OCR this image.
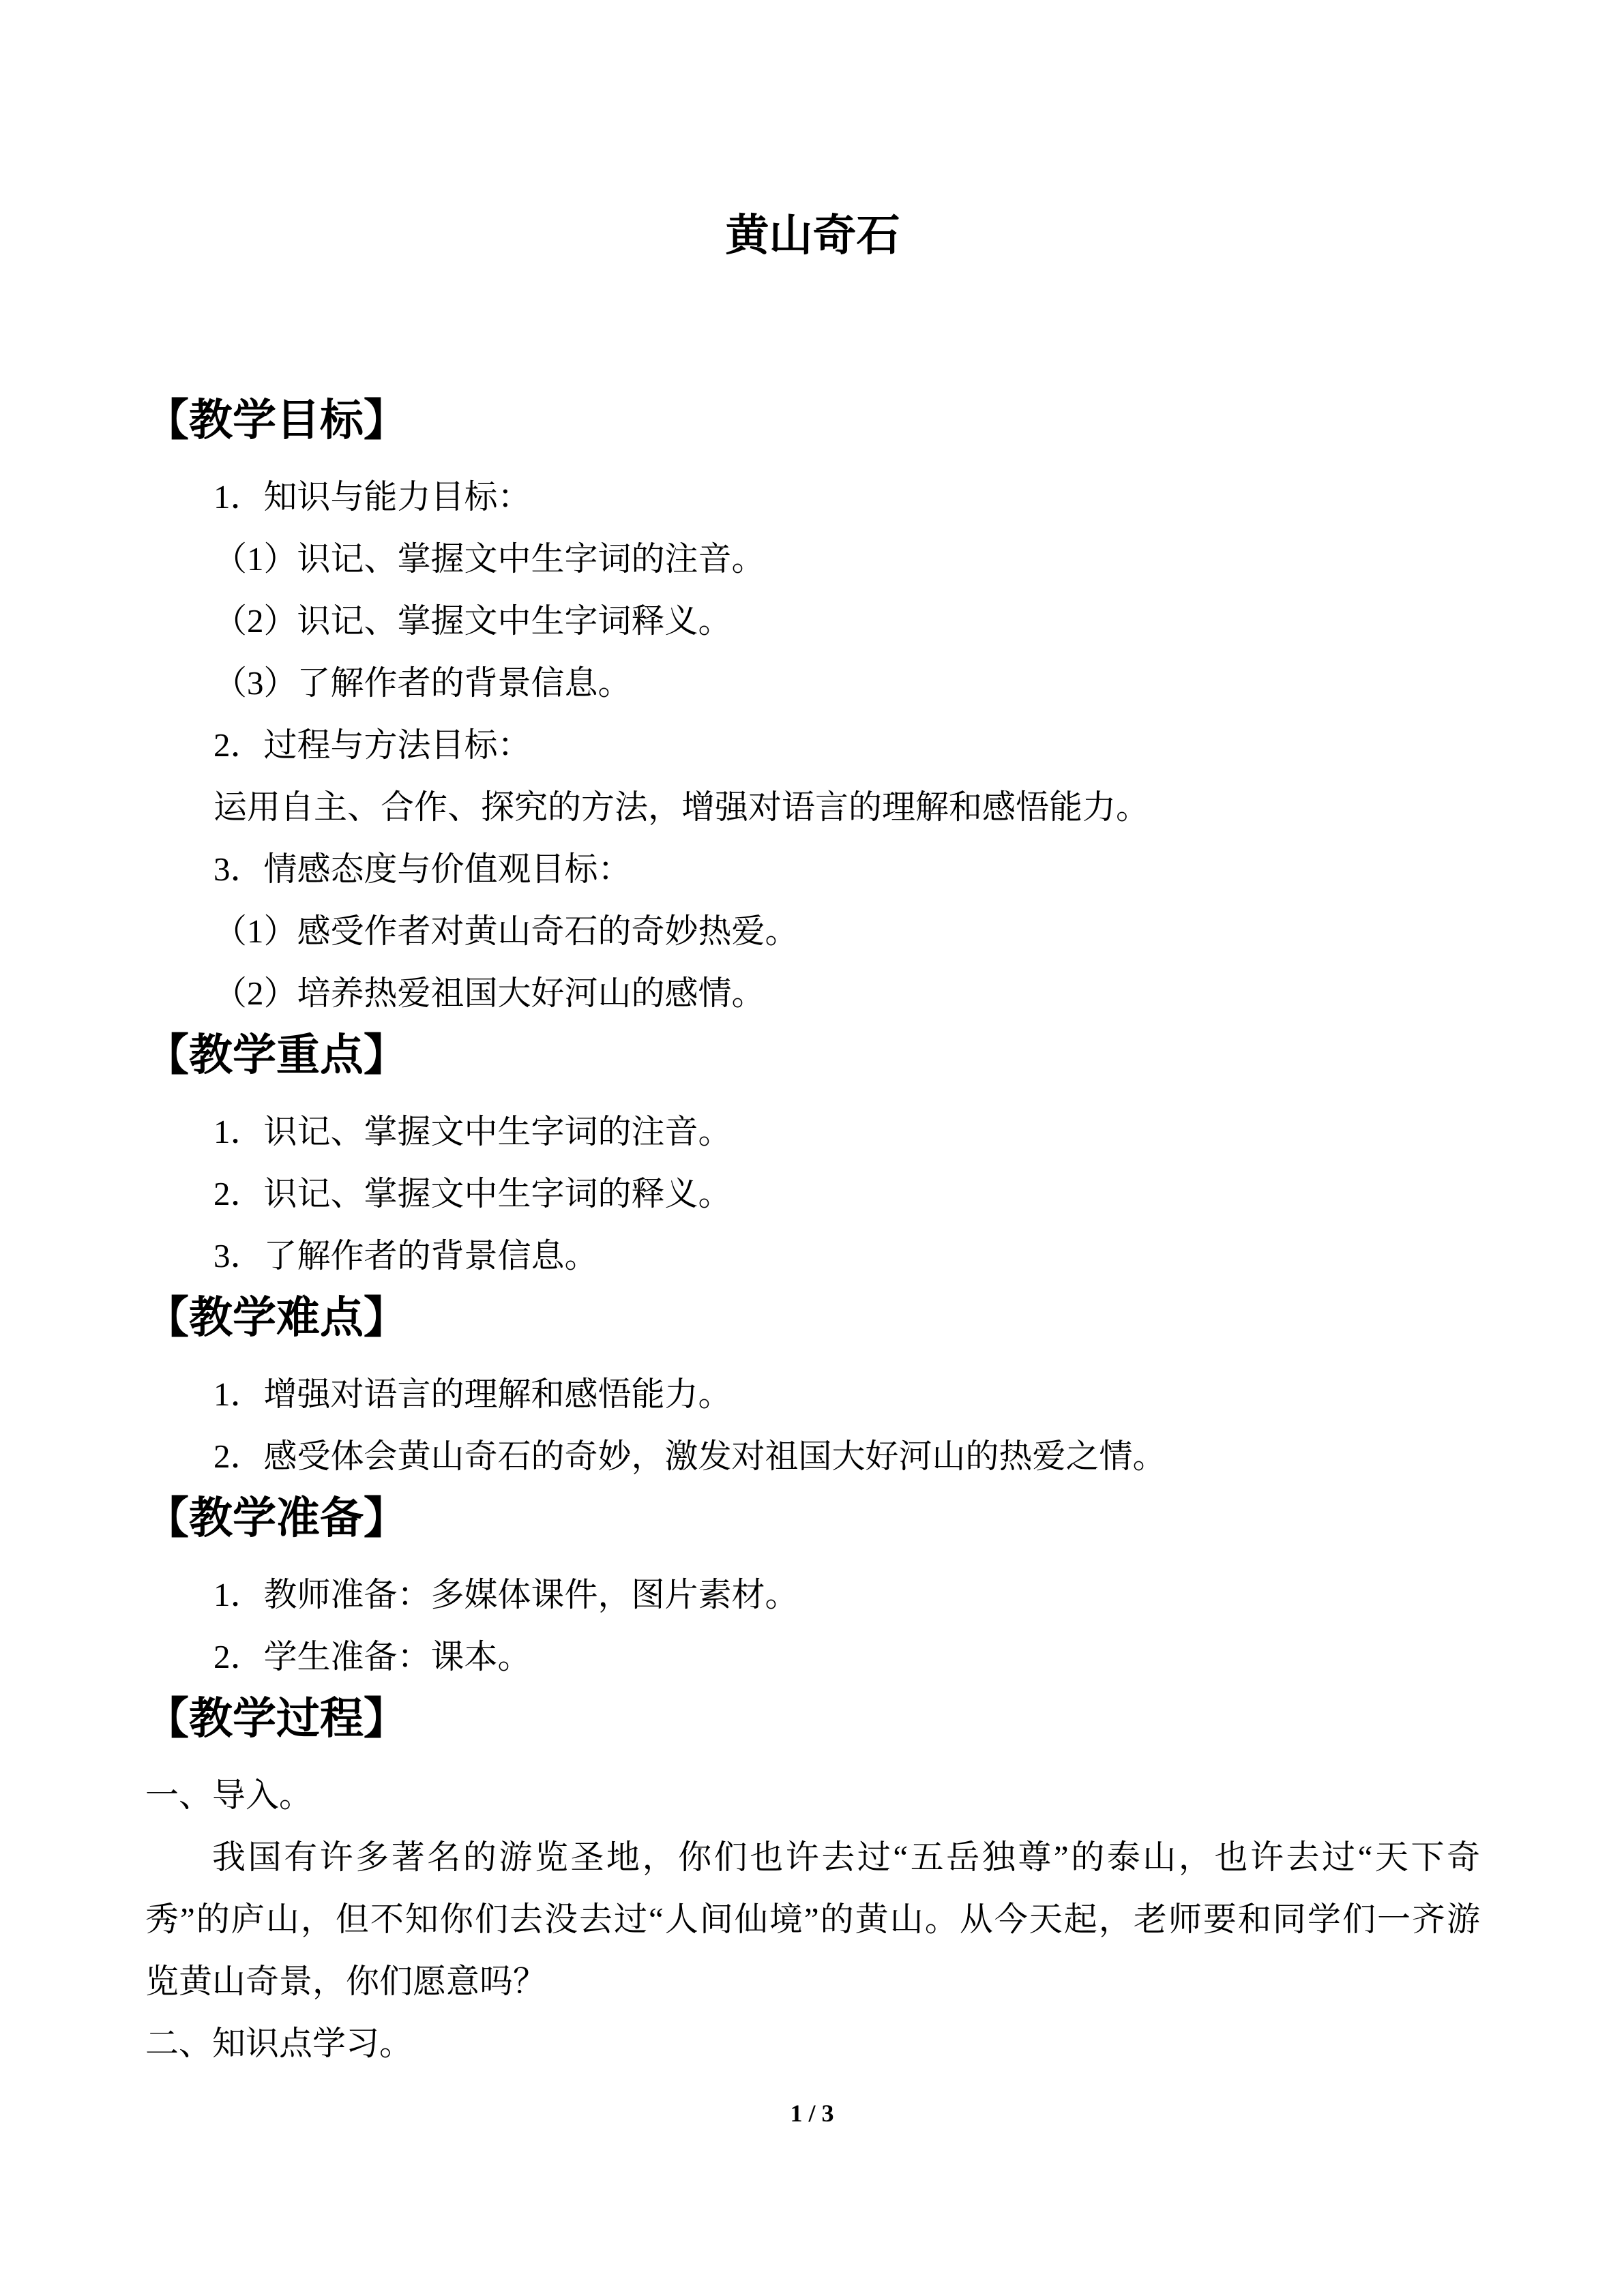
黄山奇石
【教学目标】
1．知识与能力目标：
（1）识记、掌握文中生字词的注音。
（2）识记、掌握文中生字词释义。
（3）了解作者的背景信息。
2．过程与方法目标：
运用自主、合作、探究的方法，增强对语言的理解和感悟能力。
3．情感态度与价值观目标：
（1）感受作者对黄山奇石的奇妙热爱。
（2）培养热爱祖国大好河山的感情。
【教学重点】
1．识记、掌握文中生字词的注音。
2．识记、掌握文中生字词的释义。
3．了解作者的背景信息。
【教学难点】
1．增强对语言的理解和感悟能力。
2．感受体会黄山奇石的奇妙，激发对祖国大好河山的热爱之情。
【教学准备】
1．教师准备：多媒体课件，图片素材。
2．学生准备：课本。
【教学过程】
一、导入。
我国有许多著名的游览圣地，你们也许去过“五岳独尊”的泰山，也许去过“天下奇
秀”的庐山，但不知你们去没去过“人间仙境”的黄山。从今天起，老师要和同学们一齐游
览黄山奇景，你们愿意吗？
二、知识点学习。
1 / 3
